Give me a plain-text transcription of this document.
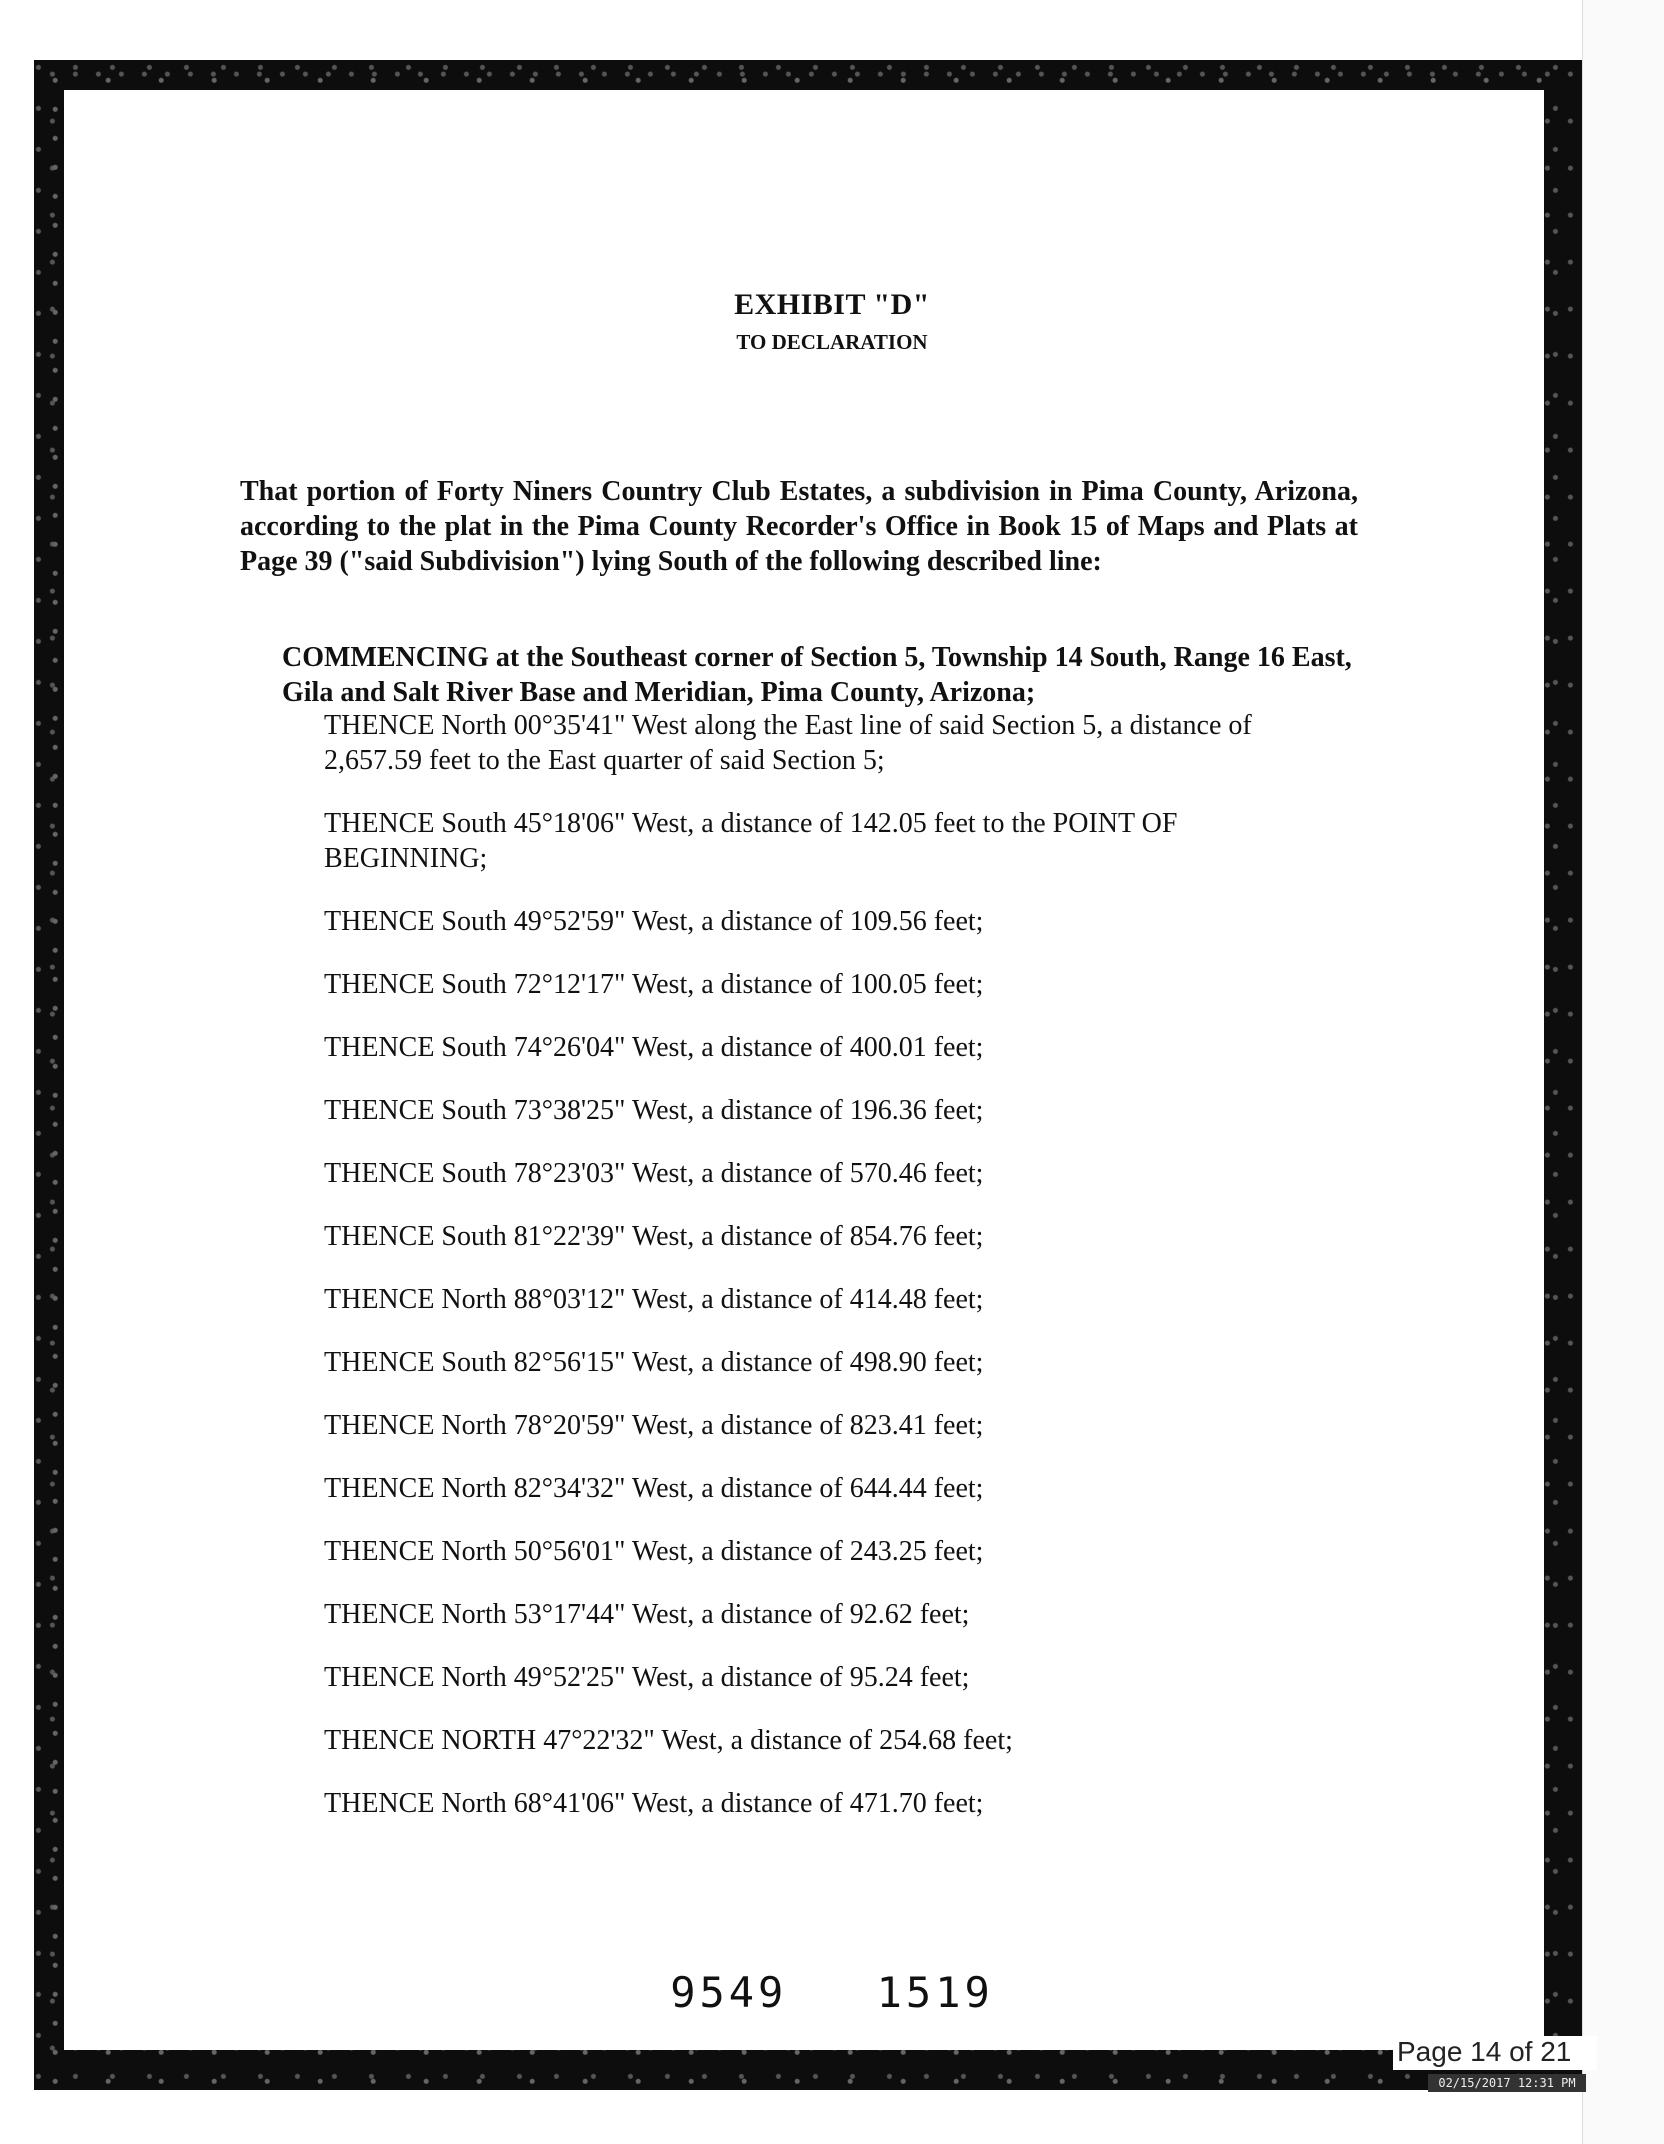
EXHIBIT "D"
TO DECLARATION

That portion of Forty Niners Country Club Estates, a subdivision in Pima County, Arizona, according to the plat in the Pima County Recorder's Office in Book 15 of Maps and Plats at Page 39 ("said Subdivision") lying South of the following described line:

COMMENCING at the Southeast corner of Section 5, Township 14 South, Range 16 East, Gila and Salt River Base and Meridian, Pima County, Arizona;

THENCE North 00°35'41" West along the East line of said Section 5, a distance of 2,657.59 feet to the East quarter of said Section 5;
THENCE South 45°18'06" West, a distance of 142.05 feet to the POINT OF BEGINNING;
THENCE South 49°52'59" West, a distance of 109.56 feet;
THENCE South 72°12'17" West, a distance of 100.05 feet;
THENCE South 74°26'04" West, a distance of 400.01 feet;
THENCE South 73°38'25" West, a distance of 196.36 feet;
THENCE South 78°23'03" West, a distance of 570.46 feet;
THENCE South 81°22'39" West, a distance of 854.76 feet;
THENCE North 88°03'12" West, a distance of 414.48 feet;
THENCE South 82°56'15" West, a distance of 498.90 feet;
THENCE North 78°20'59" West, a distance of 823.41 feet;
THENCE North 82°34'32" West, a distance of 644.44 feet;
THENCE North 50°56'01" West, a distance of 243.25 feet;
THENCE North 53°17'44" West, a distance of 92.62 feet;
THENCE North 49°52'25" West, a distance of 95.24 feet;
THENCE NORTH 47°22'32" West, a distance of 254.68 feet;
THENCE North 68°41'06" West, a distance of 471.70 feet;
9549 1519
Page 14 of 21
02/15/2017 12:31 PM
